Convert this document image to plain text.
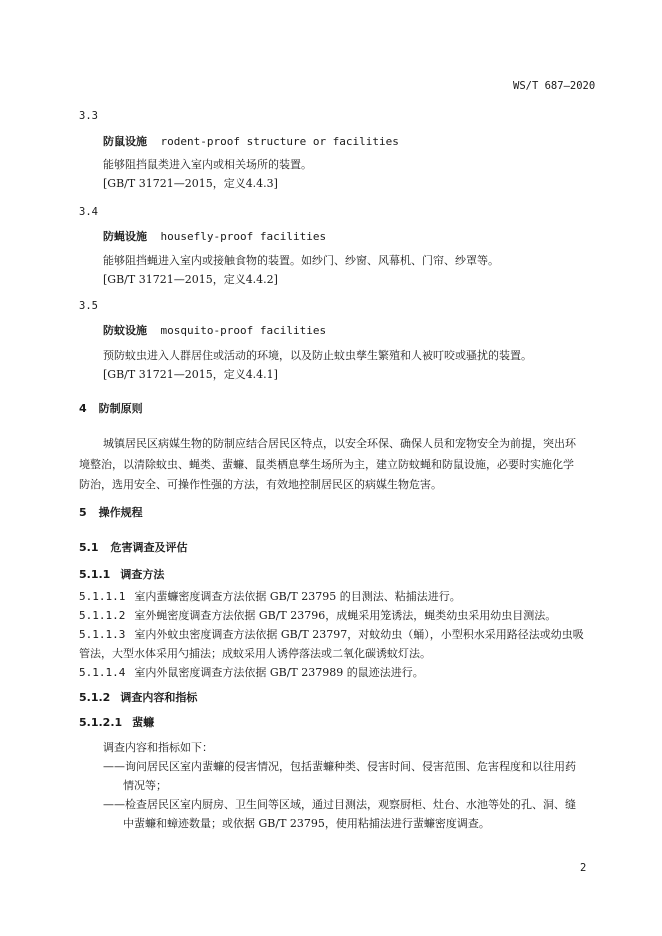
WS/T 687—2020
3.3
防鼠设施 rodent-proof structure or facilities
能够阻挡鼠类进入室内或相关场所的装置。
[GB/T 31721—2015，定义4.4.3]
3.4
防蝇设施 housefly-proof facilities
能够阻挡蝇进入室内或接触食物的装置。如纱门、纱窗、风幕机、门帘、纱罩等。
[GB/T 31721—2015，定义4.4.2]
3.5
防蚊设施 mosquito-proof facilities
预防蚊虫进入人群居住或活动的环境，以及防止蚊虫孳生繁殖和人被叮咬或骚扰的装置。
[GB/T 31721—2015，定义4.4.1]
4 防制原则
城镇居民区病媒生物的防制应结合居民区特点，以安全环保、确保人员和宠物安全为前提，突出环
境整治，以清除蚊虫、蝇类、蜚蠊、鼠类栖息孳生场所为主，建立防蚊蝇和防鼠设施，必要时实施化学
防治，选用安全、可操作性强的方法，有效地控制居民区的病媒生物危害。
5 操作规程
5.1 危害调查及评估
5.1.1 调查方法
5.1.1.1 室内蜚蠊密度调查方法依据 GB/T 23795 的目测法、粘捕法进行。
5.1.1.2 室外蝇密度调查方法依据 GB/T 23796，成蝇采用笼诱法，蝇类幼虫采用幼虫目测法。
5.1.1.3 室内外蚊虫密度调查方法依据 GB/T 23797，对蚊幼虫（蛹），小型积水采用路径法或幼虫吸
管法，大型水体采用勺捕法；成蚊采用人诱停落法或二氧化碳诱蚊灯法。
5.1.1.4 室内外鼠密度调查方法依据 GB/T 237989 的鼠迹法进行。
5.1.2 调查内容和指标
5.1.2.1 蜚蠊
调查内容和指标如下：
——询问居民区室内蜚蠊的侵害情况，包括蜚蠊种类、侵害时间、侵害范围、危害程度和以往用药
情况等；
——检查居民区室内厨房、卫生间等区域，通过目测法，观察厨柜、灶台、水池等处的孔、洞、缝
中蜚蠊和蟑迹数量；或依据 GB/T 23795，使用粘捕法进行蜚蠊密度调查。
2
